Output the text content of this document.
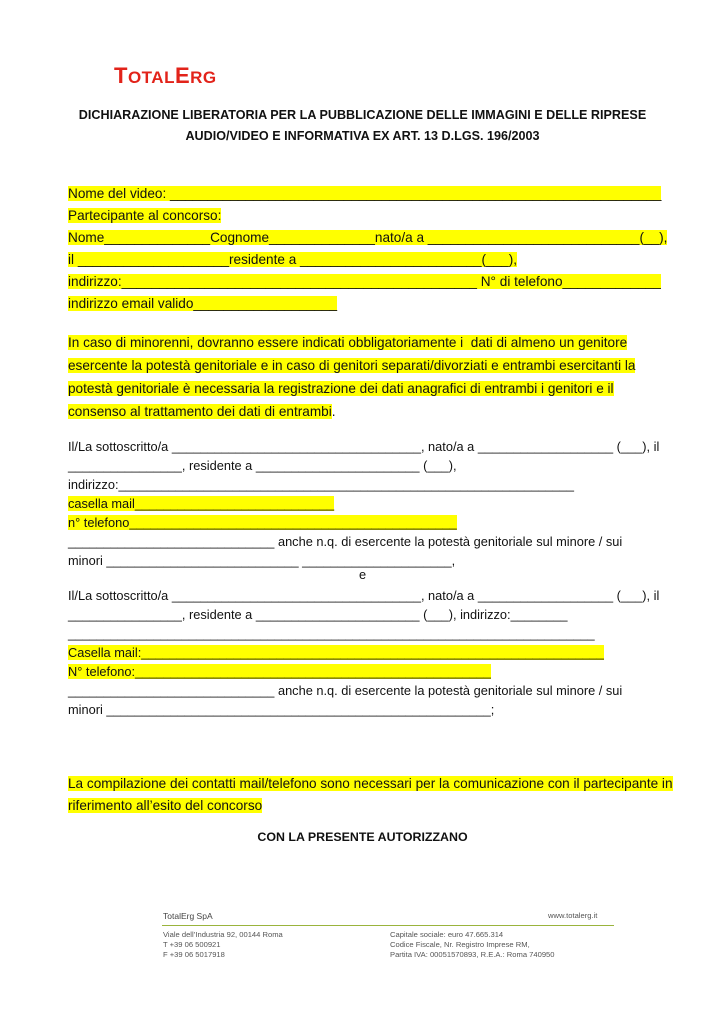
TOTALERG
DICHIARAZIONE LIBERATORIA PER LA PUBBLICAZIONE DELLE IMMAGINI E DELLE RIPRESE
AUDIO/VIDEO E INFORMATIVA EX ART. 13 D.LGS. 196/2003
Nome del video: _________________________________________________________________
Partecipante al concorso:
Nome______________Cognome______________nato/a a ____________________________(__),
il ____________________residente a ________________________(___),
indirizzo:_______________________________________________ N° di telefono_____________
indirizzo email valido___________________
In caso di minorenni, dovranno essere indicati obbligatoriamente i  dati di almeno un genitore
esercente la potestà genitoriale e in caso di genitori separati/divorziati e entrambi esercitanti la
potestà genitoriale è necessaria la registrazione dei dati anagrafici di entrambi i genitori e il
consenso al trattamento dei dati di entrambi.
Il/La sottoscritto/a ___________________________________, nato/a a ___________________ (___), il
________________, residente a _______________________ (___),
indirizzo:________________________________________________________________
casella mail____________________________
n° telefono______________________________________________
_____________________________ anche n.q. di esercente la potestà genitoriale sul minore / sui
minori ___________________________ _____________________,
e
Il/La sottoscritto/a ___________________________________, nato/a a ___________________ (___), il
________________, residente a _______________________ (___), indirizzo:________
__________________________________________________________________________
Casella mail:_________________________________________________________________
N° telefono:__________________________________________________
_____________________________ anche n.q. di esercente la potestà genitoriale sul minore / sui
minori ______________________________________________________;
La compilazione dei contatti mail/telefono sono necessari per la comunicazione con il partecipante in
riferimento all’esito del concorso
CON LA PRESENTE AUTORIZZANO
TotalErg SpA	www.totalerg.it
Viale dell’Industria 92, 00144 Roma
T +39 06 500921
F +39 06 5017918
Capitale sociale: euro 47.665.314
Codice Fiscale, Nr. Registro Imprese RM,
Partita IVA: 00051570893, R.E.A.: Roma 740950
